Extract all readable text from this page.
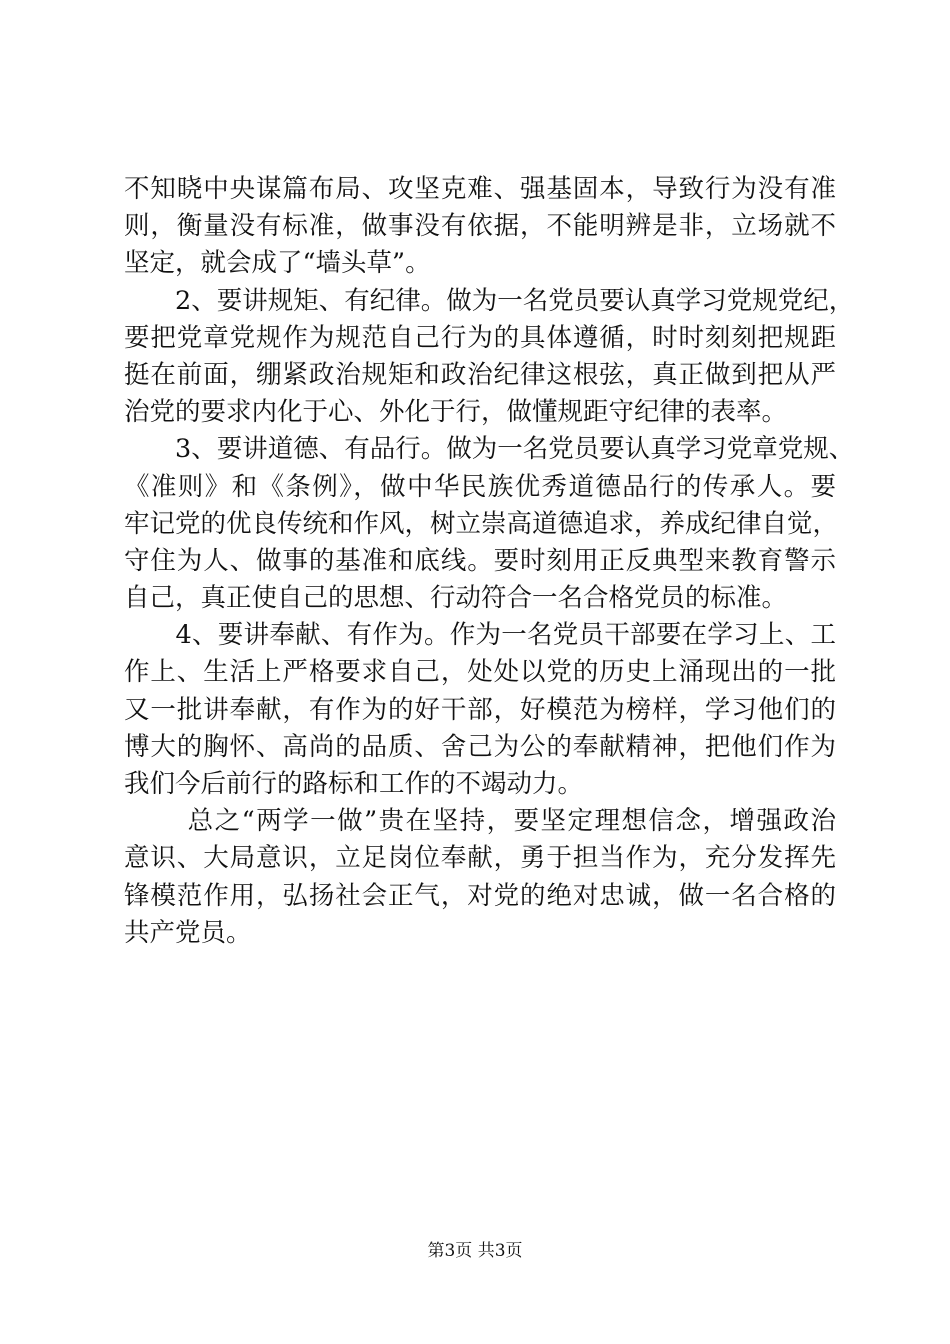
不知晓中央谋篇布局、攻坚克难、强基固本，导致行为没有准
则，衡量没有标准，做事没有依据，不能明辨是非，立场就不
坚定，就会成了“墙头草”。
　　2、要讲规矩、有纪律。做为一名党员要认真学习党规党纪，
要把党章党规作为规范自己行为的具体遵循，时时刻刻把规距
挺在前面，绷紧政治规矩和政治纪律这根弦，真正做到把从严
治党的要求内化于心、外化于行，做懂规距守纪律的表率。
　　3、要讲道德、有品行。做为一名党员要认真学习党章党规、
《准则》和《条例》，做中华民族优秀道德品行的传承人。要
牢记党的优良传统和作风，树立崇高道德追求，养成纪律自觉，
守住为人、做事的基准和底线。要时刻用正反典型来教育警示
自己，真正使自己的思想、行动符合一名合格党员的标准。
　　4、要讲奉献、有作为。作为一名党员干部要在学习上、工
作上、生活上严格要求自己，处处以党的历史上涌现出的一批
又一批讲奉献，有作为的好干部，好模范为榜样，学习他们的
博大的胸怀、高尚的品质、舍己为公的奉献精神，把他们作为
我们今后前行的路标和工作的不竭动力。
　　 总之“两学一做”贵在坚持，要坚定理想信念，增强政治
意识、大局意识，立足岗位奉献，勇于担当作为，充分发挥先
锋模范作用，弘扬社会正气，对党的绝对忠诚，做一名合格的
共产党员。
第3页 共3页
